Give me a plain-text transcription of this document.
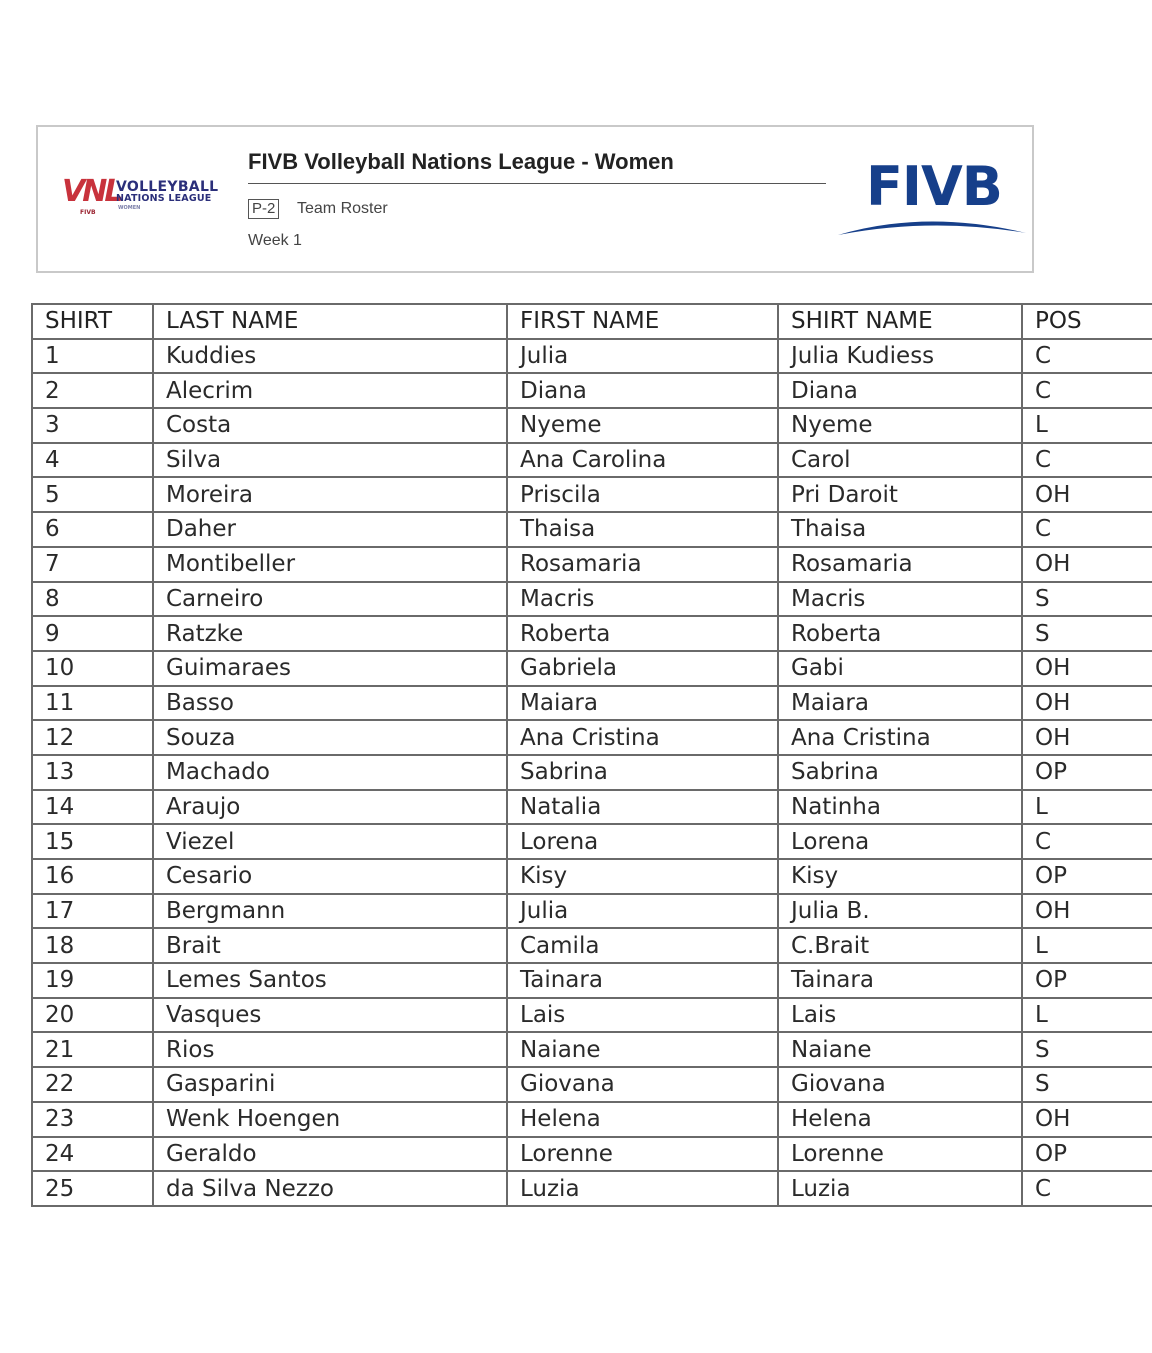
VNL
FIVB
VOLLEYBALL
NATIONS LEAGUE
WOMEN
FIVB Volleyball Nations League - Women
P-2 Team Roster
Week 1
FIVB
SHIRT	LAST NAME	FIRST NAME	SHIRT NAME	POS
1	Kuddies	Julia	Julia Kudiess	C
2	Alecrim	Diana	Diana	C
3	Costa	Nyeme	Nyeme	L
4	Silva	Ana Carolina	Carol	C
5	Moreira	Priscila	Pri Daroit	OH
6	Daher	Thaisa	Thaisa	C
7	Montibeller	Rosamaria	Rosamaria	OH
8	Carneiro	Macris	Macris	S
9	Ratzke	Roberta	Roberta	S
10	Guimaraes	Gabriela	Gabi	OH
11	Basso	Maiara	Maiara	OH
12	Souza	Ana Cristina	Ana Cristina	OH
13	Machado	Sabrina	Sabrina	OP
14	Araujo	Natalia	Natinha	L
15	Viezel	Lorena	Lorena	C
16	Cesario	Kisy	Kisy	OP
17	Bergmann	Julia	Julia B.	OH
18	Brait	Camila	C.Brait	L
19	Lemes Santos	Tainara	Tainara	OP
20	Vasques	Lais	Lais	L
21	Rios	Naiane	Naiane	S
22	Gasparini	Giovana	Giovana	S
23	Wenk Hoengen	Helena	Helena	OH
24	Geraldo	Lorenne	Lorenne	OP
25	da Silva Nezzo	Luzia	Luzia	C
